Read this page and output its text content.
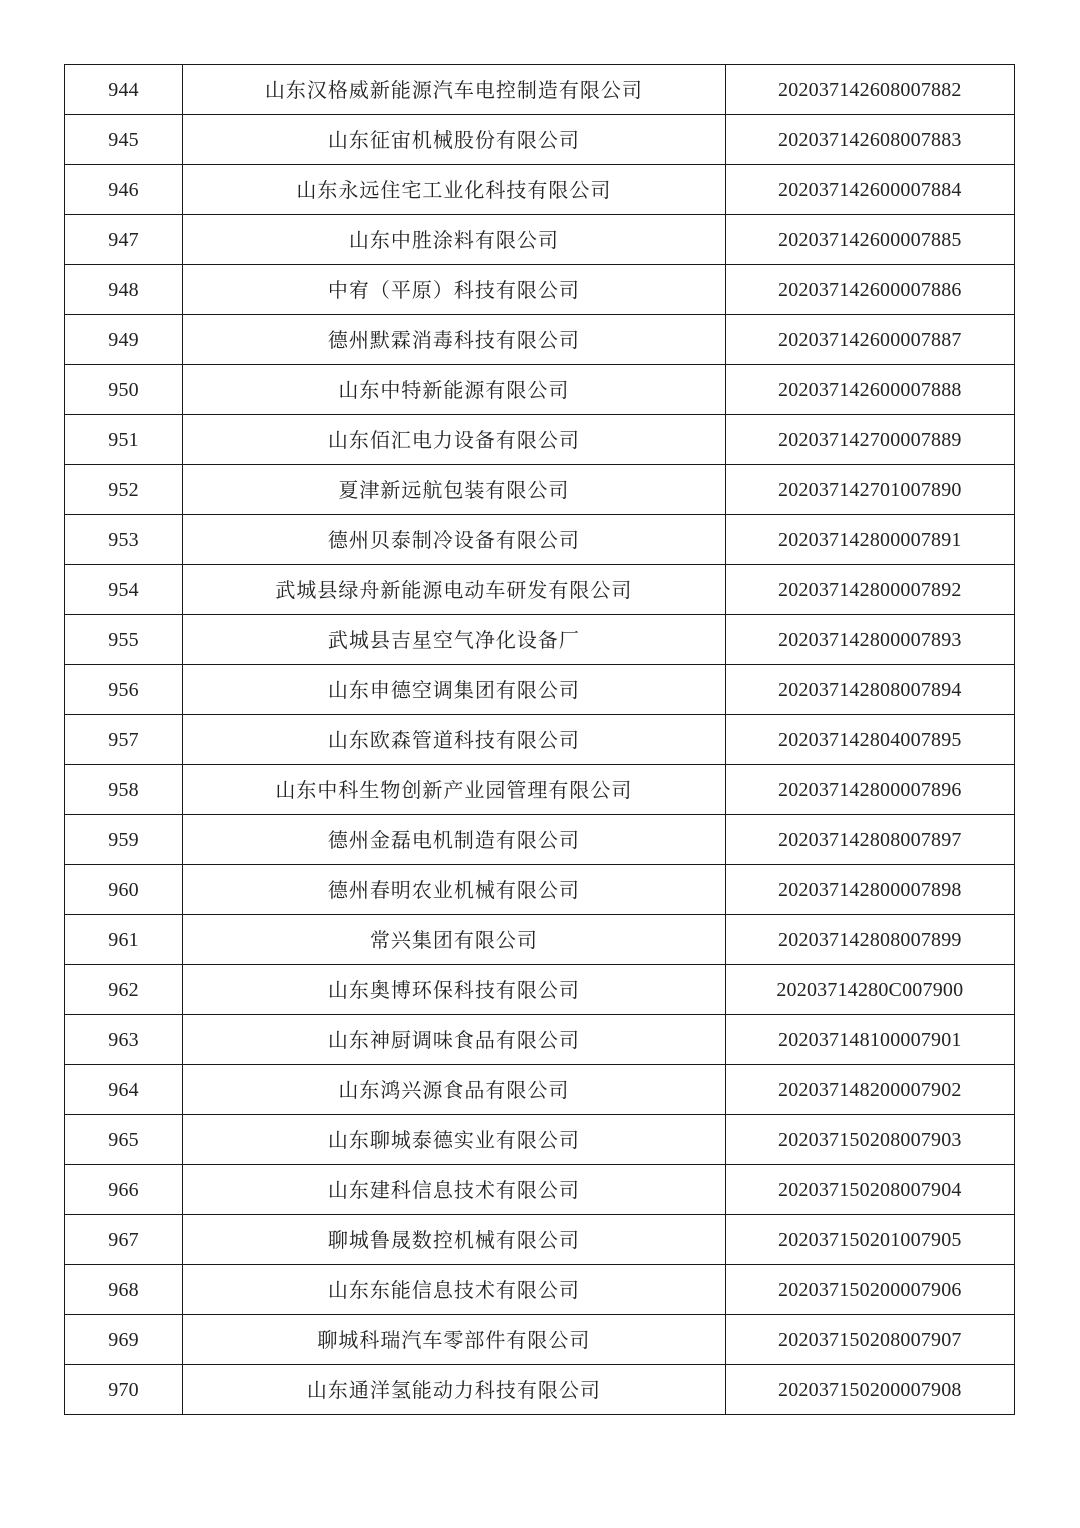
944	山东汉格威新能源汽车电控制造有限公司	202037142608007882
945	山东征宙机械股份有限公司	202037142608007883
946	山东永远住宅工业化科技有限公司	202037142600007884
947	山东中胜涂料有限公司	202037142600007885
948	中宥（平原）科技有限公司	202037142600007886
949	德州默霖消毒科技有限公司	202037142600007887
950	山东中特新能源有限公司	202037142600007888
951	山东佰汇电力设备有限公司	202037142700007889
952	夏津新远航包装有限公司	202037142701007890
953	德州贝泰制冷设备有限公司	202037142800007891
954	武城县绿舟新能源电动车研发有限公司	202037142800007892
955	武城县吉星空气净化设备厂	202037142800007893
956	山东申德空调集团有限公司	202037142808007894
957	山东欧森管道科技有限公司	202037142804007895
958	山东中科生物创新产业园管理有限公司	202037142800007896
959	德州金磊电机制造有限公司	202037142808007897
960	德州春明农业机械有限公司	202037142800007898
961	常兴集团有限公司	202037142808007899
962	山东奥博环保科技有限公司	20203714280C007900
963	山东神厨调味食品有限公司	202037148100007901
964	山东鸿兴源食品有限公司	202037148200007902
965	山东聊城泰德实业有限公司	202037150208007903
966	山东建科信息技术有限公司	202037150208007904
967	聊城鲁晟数控机械有限公司	202037150201007905
968	山东东能信息技术有限公司	202037150200007906
969	聊城科瑞汽车零部件有限公司	202037150208007907
970	山东通洋氢能动力科技有限公司	202037150200007908
